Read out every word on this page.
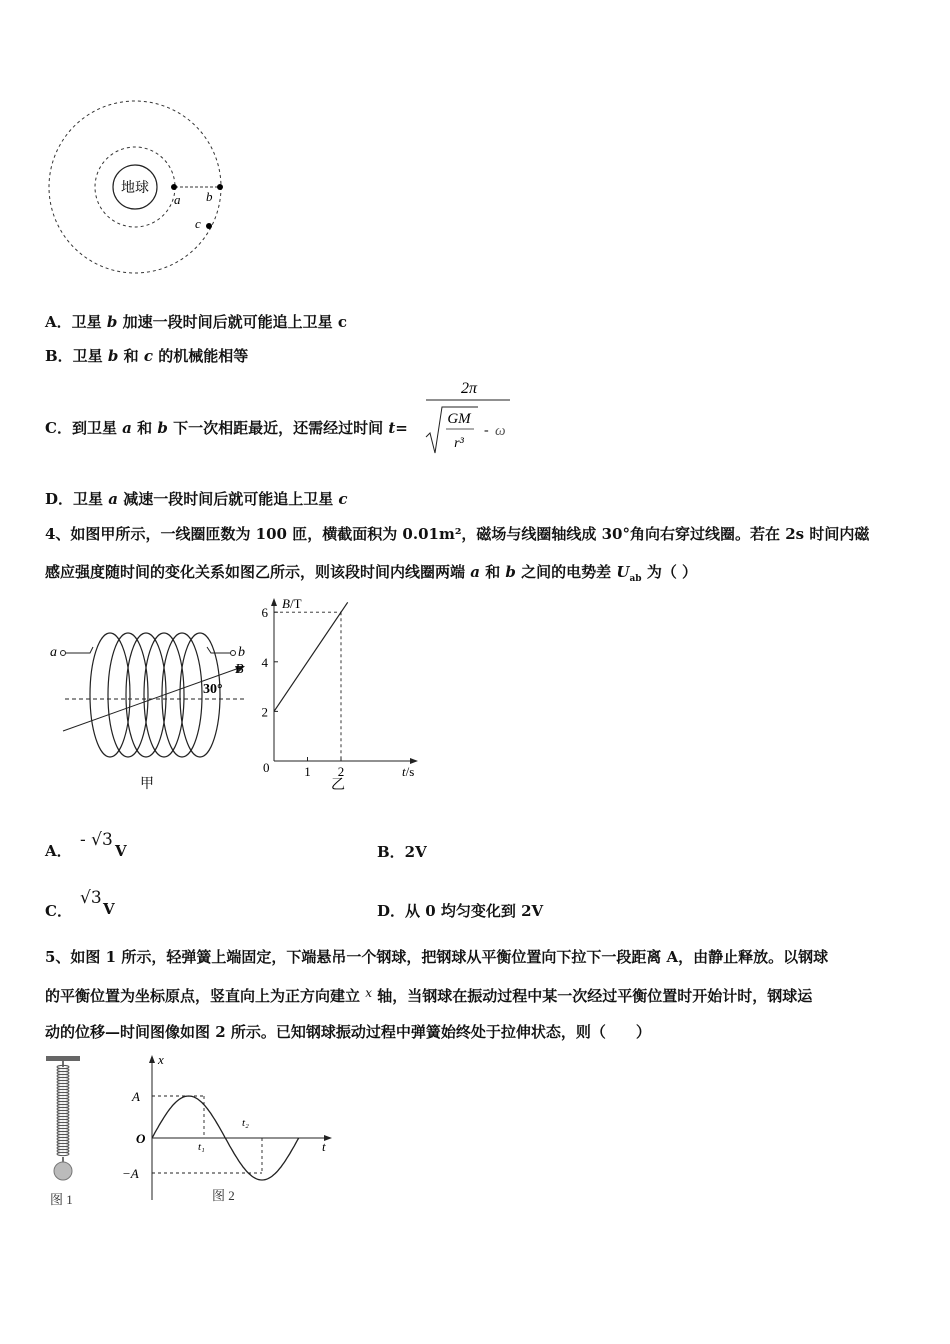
地球
a b
c
A．卫星 b 加速一段时间后就可能追上卫星 c
B．卫星 b 和 c 的机械能相等
C．到卫星 a 和 b 下一次相距最近，还需经过时间 t=
2π
GM
r³
- ω
D．卫星 a 减速一段时间后就可能追上卫星 c
4、如图甲所示，一线圈匝数为 100 匝，横截面积为 0.01m²，磁场与线圈轴线成 30°角向右穿过线圈。若在 2s 时间内磁
感应强度随时间的变化关系如图乙所示，则该段时间内线圈两端 a 和 b 之间的电势差 $U_{ab}$ 为（ ）
a	b
B
30°
甲
1 2
2
4
6
B/T
t/s
0
乙
A．
- √3
V	B．2V
C．
√3
V	D．从 0 均匀变化到 2V
5、如图 1 所示，轻弹簧上端固定，下端悬吊一个钢球，把钢球从平衡位置向下拉下一段距离 A，由静止释放。以钢球
的平衡位置为坐标原点，竖直向上为正方向建立 $^x$ 轴，当钢球在振动过程中某一次经过平衡位置时开始计时，钢球运
动的位移—时间图像如图 2 所示。已知钢球振动过程中弹簧始终处于拉伸状态，则（　　）
图 1
x
t
O
A
−A
t₁
t₂
图 2
